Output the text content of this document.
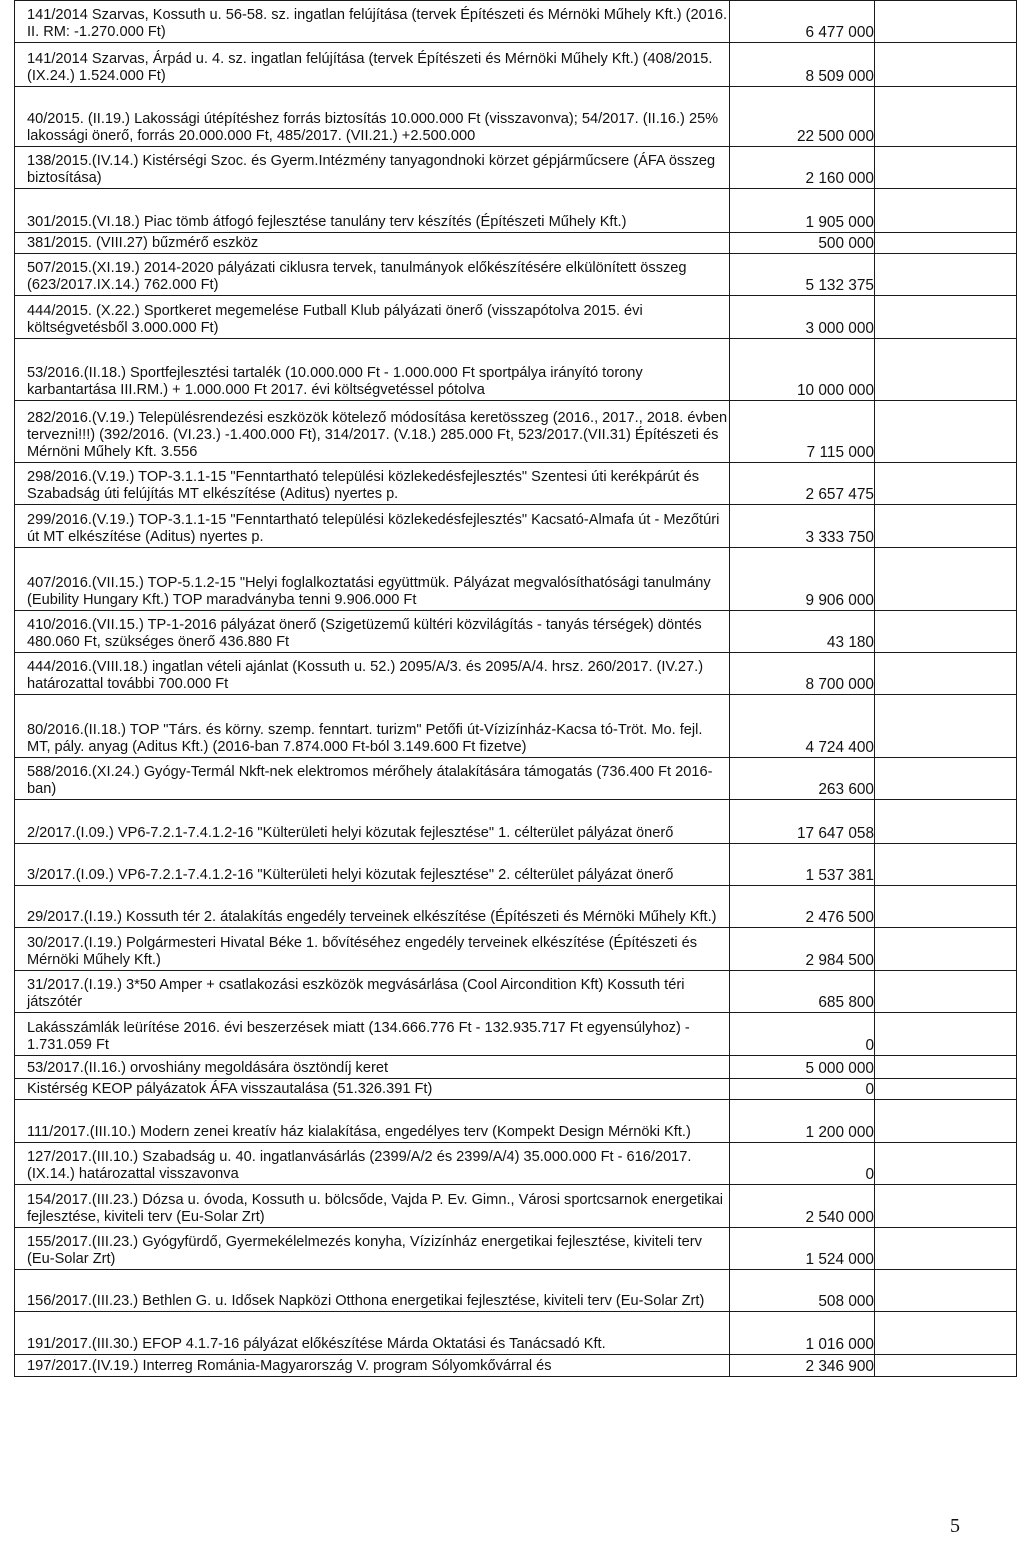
141/2014 Szarvas, Kossuth u. 56-58. sz. ingatlan felújítása (tervek Építészeti és Mérnöki Műhely Kft.) (2016. II. RM: -1.270.000 Ft)	6 477 000	

141/2014 Szarvas, Árpád u. 4. sz. ingatlan felújítása (tervek Építészeti és Mérnöki Műhely Kft.) (408/2015. (IX.24.) 1.524.000 Ft)	8 509 000	

40/2015. (II.19.) Lakossági útépítéshez forrás biztosítás 10.000.000 Ft (visszavonva); 54/2017. (II.16.) 25% lakossági önerő, forrás 20.000.000 Ft, 485/2017. (VII.21.) +2.500.000	22 500 000	

138/2015.(IV.14.) Kistérségi Szoc. és Gyerm.Intézmény tanyagondnoki körzet gépjárműcsere (ÁFA összeg biztosítása)	2 160 000	

301/2015.(VI.18.) Piac tömb átfogó fejlesztése tanulány terv készítés (Építészeti Műhely Kft.)	1 905 000	

381/2015. (VIII.27) bűzmérő eszköz	500 000	

507/2015.(XI.19.) 2014-2020 pályázati ciklusra tervek, tanulmányok előkészítésére elkülönített összeg (623/2017.IX.14.) 762.000 Ft)	5 132 375	

444/2015. (X.22.) Sportkeret megemelése Futball Klub pályázati önerő (visszapótolva 2015. évi költségvetésből 3.000.000 Ft)	3 000 000	

53/2016.(II.18.) Sportfejlesztési tartalék (10.000.000 Ft - 1.000.000 Ft sportpálya irányító torony karbantartása III.RM.) + 1.000.000 Ft 2017. évi költségvetéssel pótolva	10 000 000	

282/2016.(V.19.) Településrendezési eszközök kötelező módosítása keretösszeg (2016., 2017., 2018. évben tervezni!!!) (392/2016. (VI.23.) -1.400.000 Ft), 314/2017. (V.18.) 285.000 Ft, 523/2017.(VII.31) Építészeti és Mérnöni Műhely Kft. 3.556	7 115 000	

298/2016.(V.19.) TOP-3.1.1-15 "Fenntartható települési közlekedésfejlesztés" Szentesi úti kerékpárút és Szabadság úti felújítás MT elkészítése (Aditus) nyertes p.	2 657 475	

299/2016.(V.19.) TOP-3.1.1-15 "Fenntartható települési közlekedésfejlesztés" Kacsató-Almafa út - Mezőtúri út MT elkészítése (Aditus) nyertes p.	3 333 750	

407/2016.(VII.15.) TOP-5.1.2-15 "Helyi foglalkoztatási együttmük. Pályázat megvalósíthatósági tanulmány (Eubility Hungary Kft.) TOP maradványba tenni 9.906.000 Ft	9 906 000	

410/2016.(VII.15.) TP-1-2016 pályázat önerő (Szigetüzemű kültéri közvilágítás - tanyás térségek) döntés 480.060 Ft, szükséges önerő 436.880 Ft	43 180	

444/2016.(VIII.18.) ingatlan vételi ajánlat (Kossuth u. 52.) 2095/A/3. és 2095/A/4. hrsz. 260/2017. (IV.27.) határozattal további 700.000 Ft	8 700 000	

80/2016.(II.18.) TOP "Társ. és körny. szemp. fenntart. turizm" Petőfi út-Vízizínház-Kacsa tó-Tröt. Mo. fejl. MT, pály. anyag (Aditus Kft.) (2016-ban 7.874.000 Ft-ból 3.149.600 Ft fizetve)	4 724 400	

588/2016.(XI.24.) Gyógy-Termál Nkft-nek elektromos mérőhely átalakítására támogatás (736.400 Ft 2016-ban)	263 600	

2/2017.(I.09.) VP6-7.2.1-7.4.1.2-16 "Külterületi helyi közutak fejlesztése" 1. célterület pályázat önerő	17 647 058	

3/2017.(I.09.) VP6-7.2.1-7.4.1.2-16 "Külterületi helyi közutak fejlesztése" 2. célterület pályázat önerő	1 537 381	

29/2017.(I.19.) Kossuth tér 2. átalakítás engedély terveinek elkészítése (Építészeti és Mérnöki Műhely Kft.)	2 476 500	

30/2017.(I.19.) Polgármesteri Hivatal Béke 1. bővítéséhez engedély terveinek elkészítése (Építészeti és Mérnöki Műhely Kft.)	2 984 500	

31/2017.(I.19.) 3*50 Amper + csatlakozási eszközök megvásárlása (Cool Aircondition Kft) Kossuth téri játszótér	685 800	

Lakásszámlák leürítése 2016. évi beszerzések miatt (134.666.776 Ft - 132.935.717 Ft egyensúlyhoz) - 1.731.059 Ft	0	

53/2017.(II.16.) orvoshiány megoldására ösztöndíj keret	5 000 000	

Kistérség KEOP pályázatok ÁFA visszautalása (51.326.391 Ft)	0	

111/2017.(III.10.) Modern zenei kreatív ház kialakítása, engedélyes terv (Kompekt Design Mérnöki Kft.)	1 200 000	

127/2017.(III.10.) Szabadság u. 40. ingatlanvásárlás (2399/A/2 és 2399/A/4) 35.000.000 Ft - 616/2017.(IX.14.) határozattal visszavonva	0	

154/2017.(III.23.) Dózsa u. óvoda, Kossuth u. bölcsőde, Vajda P. Ev. Gimn., Városi sportcsarnok energetikai fejlesztése, kiviteli terv (Eu-Solar Zrt)	2 540 000	

155/2017.(III.23.) Gyógyfürdő, Gyermekélelmezés konyha, Vízizínház energetikai fejlesztése, kiviteli terv (Eu-Solar Zrt)	1 524 000	

156/2017.(III.23.) Bethlen G. u. Idősek Napközi Otthona energetikai fejlesztése, kiviteli terv (Eu-Solar Zrt)	508 000	

191/2017.(III.30.) EFOP 4.1.7-16 pályázat előkészítése Márda Oktatási és Tanácsadó Kft.	1 016 000	

197/2017.(IV.19.) Interreg Románia-Magyarország V. program Sólyomkővárral és	2 346 900	
5
